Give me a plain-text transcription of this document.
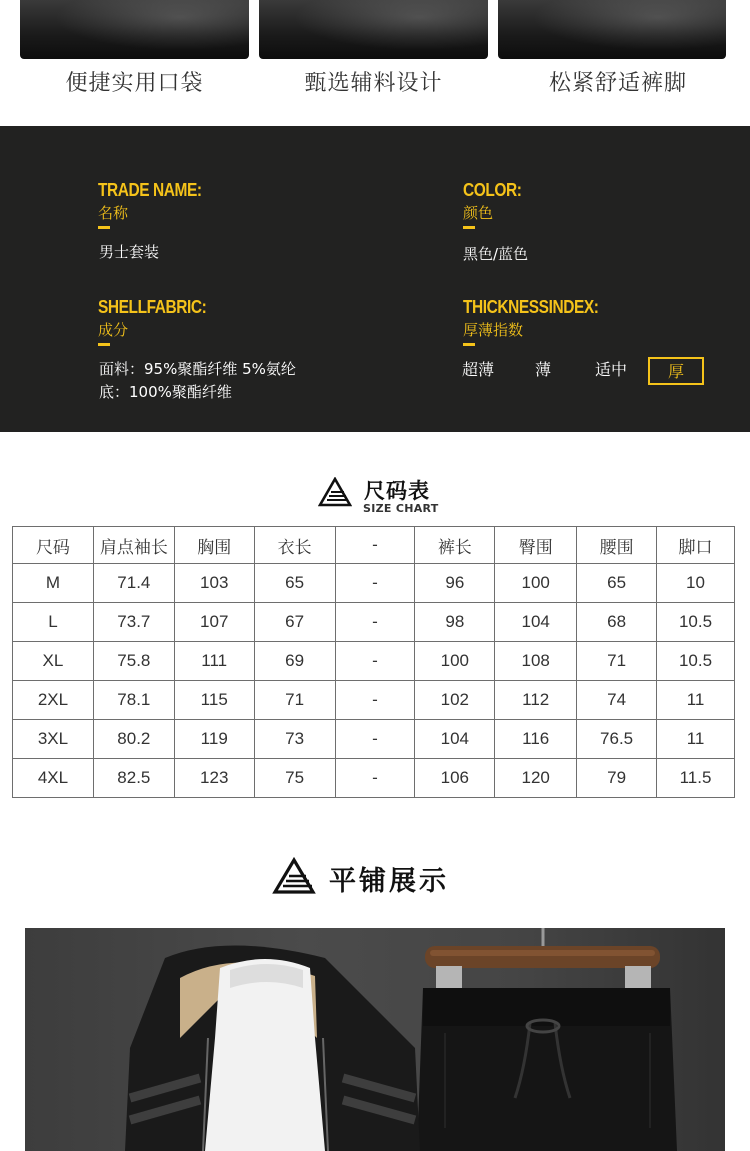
便捷实用口袋	甄选辅料设计	松紧舒适裤脚
TRADE NAME:
名称
男士套装
COLOR:
颜色
黑色/蓝色
SHELLFABRIC:
成分
面料：95%聚酯纤维 5%氨纶
底：100%聚酯纤维
THICKNESSINDEX:
厚薄指数
超薄	薄	适中	厚
尺码表
SIZE CHART
尺码	肩点袖长	胸围	衣长	-	裤长	臀围	腰围	脚口
M	71.4	103	65	-	96	100	65	10
L	73.7	107	67	-	98	104	68	10.5
XL	75.8	111	69	-	100	108	71	10.5
2XL	78.1	115	71	-	102	112	74	11
3XL	80.2	119	73	-	104	116	76.5	11
4XL	82.5	123	75	-	106	120	79	11.5
平铺展示
